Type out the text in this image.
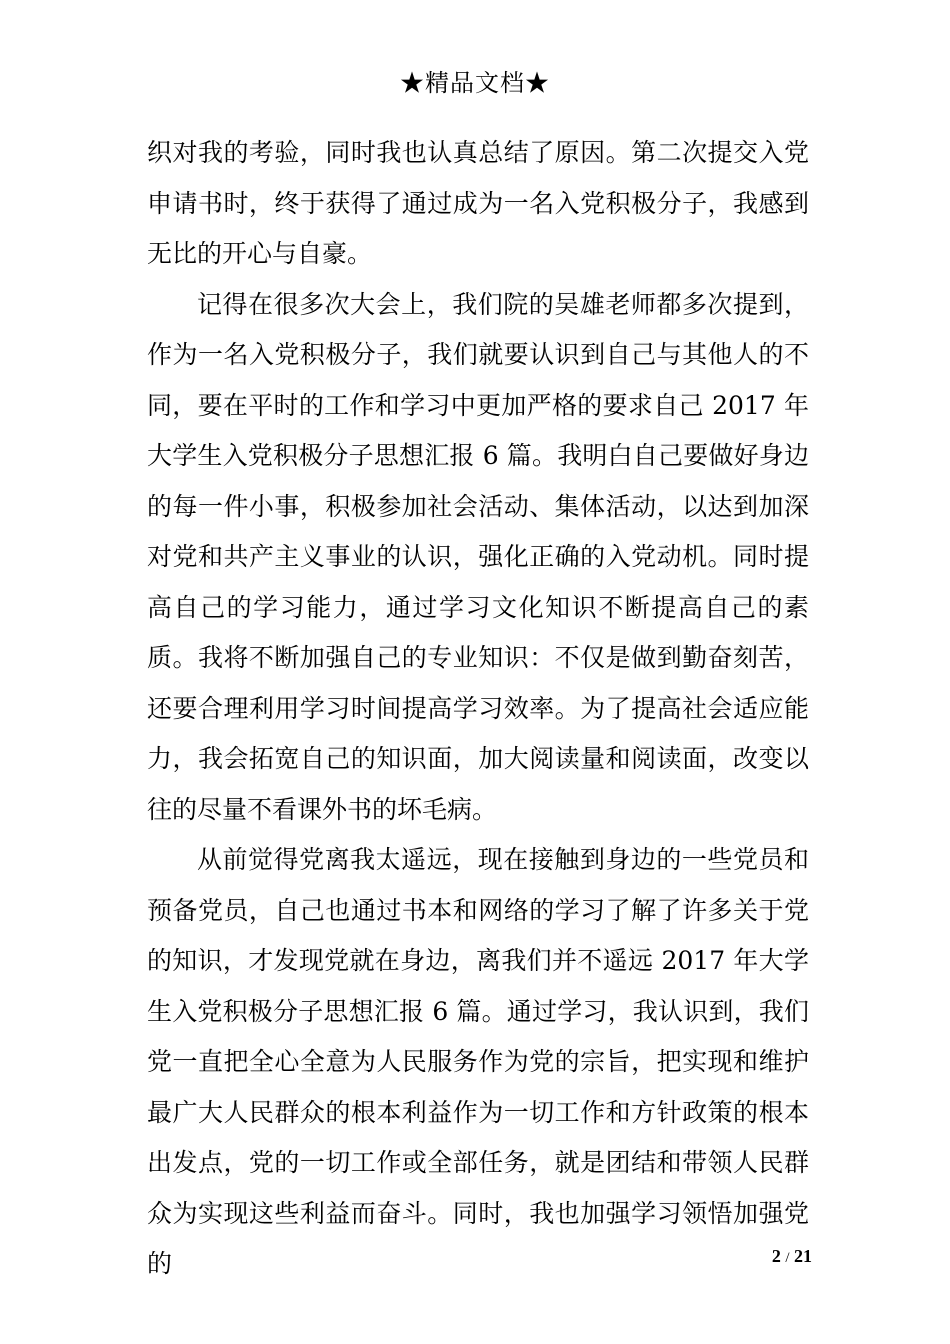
★精品文档★

织对我的考验，同时我也认真总结了原因。第二次提交入党申请书时，终于获得了通过成为一名入党积极分子，我感到无比的开心与自豪。

记得在很多次大会上，我们院的吴雄老师都多次提到，作为一名入党积极分子，我们就要认识到自己与其他人的不同，要在平时的工作和学习中更加严格的要求自己 2017 年大学生入党积极分子思想汇报 6 篇。我明白自己要做好身边的每一件小事，积极参加社会活动、集体活动，以达到加深对党和共产主义事业的认识，强化正确的入党动机。同时提高自己的学习能力，通过学习文化知识不断提高自己的素质。我将不断加强自己的专业知识：不仅是做到勤奋刻苦，还要合理利用学习时间提高学习效率。为了提高社会适应能力，我会拓宽自己的知识面，加大阅读量和阅读面，改变以往的尽量不看课外书的坏毛病。

从前觉得党离我太遥远，现在接触到身边的一些党员和预备党员，自己也通过书本和网络的学习了解了许多关于党的知识，才发现党就在身边，离我们并不遥远 2017 年大学生入党积极分子思想汇报 6 篇。通过学习，我认识到，我们党一直把全心全意为人民服务作为党的宗旨，把实现和维护最广大人民群众的根本利益作为一切工作和方针政策的根本出发点，党的一切工作或全部任务，就是团结和带领人民群众为实现这些利益而奋斗。同时，我也加强学习领悟加强党的	2 / 21
